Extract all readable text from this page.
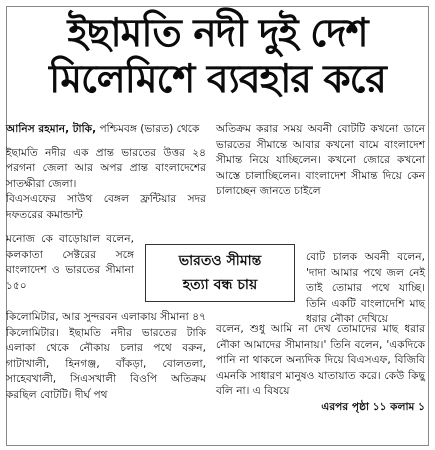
ইছামতি নদী দুই দেশ
মিলেমিশে ব্যবহার করে

আনিস রহমান, টাকি, পশ্চিমবঙ্গ (ভারত) থেকে

ইছামতি নদীর এক প্রান্ত ভারতের উত্তর ২৪ পরগনা জেলা আর অপর প্রান্ত বাংলাদেশের সাতক্ষীরা জেলা।

বিএসএফের সাউথ বেঙ্গল ফ্রন্টিয়ার সদর দফতরের কমান্ডান্ট

মনোজ কে বাড়োয়াল বলেন, কলকাতা সেক্টরের সঙ্গে বাংলাদেশ ও ভারতের সীমানা ১৫০

কিলোমিটার, আর সুন্দরবন এলাকায় সীমানা ৪৭ কিলোমিটার। ইছামতি নদীর ভারতের টাকি এলাকা থেকে নৌকায় চলার পথে বরুন, গাটাখালী, হিনগঞ্জ, বাঁকড়া, বোলতলা, সাহেবখালী, সিএসখালী বিওপি অতিক্রম করছিল বোটটি। দীর্ঘ পথ

অতিক্রম করার সময় অবনী বোটটি কখনো ডানে ভারতের সীমান্তে আবার কখনো বামে বাংলাদেশ সীমান্ত নিয়ে যাচ্ছিলেন। কখনো জোরে কখনো আস্তে চালাচ্ছিলেন। বাংলাদেশ সীমান্ত দিয়ে কেন চালাচ্ছেন জানতে চাইলে

বোট চালক অবনী বলেন, 'দাদা আমার পথে জল নেই তাই তোমার পথে যাচ্ছি। তিনি একটি বাংলাদেশি মাছ ধরার নৌকা দেখিয়ে

বলেন, শুধু আমি না দেখ তোমাদের মাছ ধরার নৌকা আমাদের সীমানায়।' তিনি বলেন, 'একদিকে পানি না থাকলে অন্যদিক দিয়ে বিএসএফ, বিজিবি এমনকি সাধারণ মানুষও যাতায়াত করে। কেউ কিছু বলি না। এ বিষয়ে

এরপর পৃষ্ঠা ১১ কলাম ১

ভারতও সীমান্ত
হত্যা বন্ধ চায়
